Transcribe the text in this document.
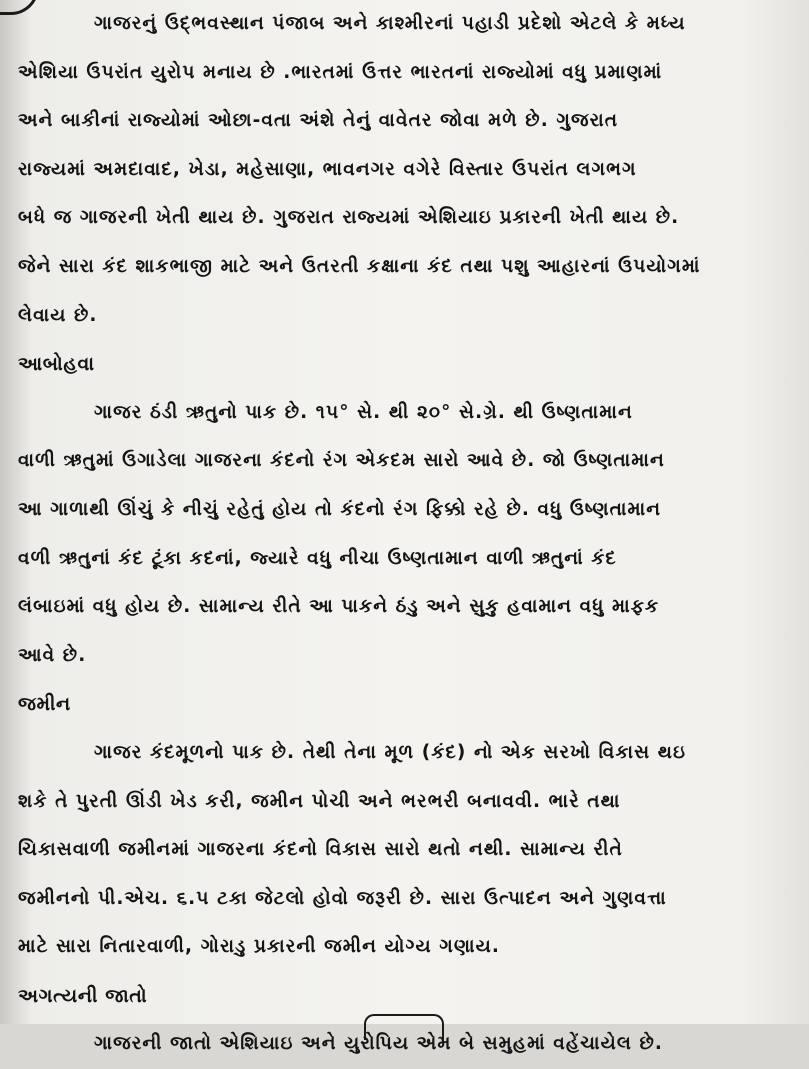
ગાજરનું ઉદ્ભવસ્થાન પંજાબ અને કાશ્મીરનાં પહાડી પ્રદેશો એટલે કે મધ્ય
એશિયા ઉપરાંત યુરોપ મનાય છે .ભારતમાં ઉત્તર ભારતનાં રાજ્યોમાં વધુ પ્રમાણમાં
અને બાકીનાં રાજ્યોમાં ઓછા-વતા અંશે તેનું વાવેતર જોવા મળે છે. ગુજરાત
રાજ્યમાં અમદાવાદ, ખેડા, મહેસાણા, ભાવનગર વગેરે વિસ્તાર ઉપરાંત લગભગ
બધે જ ગાજરની ખેતી થાય છે. ગુજરાત રાજ્યમાં એશિયાઇ પ્રકારની ખેતી થાય છે.
જેને સારા કંદ શાકભાજી માટે અને ઉતરતી કક્ષાના કંદ તથા પશુ આહારનાં ઉપયોગમાં
લેવાય છે.
આબોહવા
ગાજર ઠંડી ઋતુનો પાક છે. ૧૫° સે. થી ૨૦° સે.ગ્રે. થી ઉષ્ણતામાન
વાળી ઋતુમાં ઉગાડેલા ગાજરના કંદનો રંગ એકદમ સારો આવે છે. જો ઉષ્ણતામાન
આ ગાળાથી ઊંચું કે નીચું રહેતું હોય તો કંદનો રંગ ફિક્કો રહે છે. વધુ ઉષ્ણતામાન
વળી ઋતુનાં કંદ ટૂંકા કદનાં, જ્યારે વધુ નીચા ઉષ્ણતામાન વાળી ઋતુનાં કંદ
લંબાઇમાં વધુ હોય છે. સામાન્ય રીતે આ પાકને ઠંડુ અને સુકુ હવામાન વધુ માફક
આવે છે.
જમીન
ગાજર કંદમૂળનો પાક છે. તેથી તેના મૂળ (કંદ) નો એક સરખો વિકાસ થઇ
શકે તે પુરતી ઊંડી ખેડ કરી, જમીન પોચી અને ભરભરી બનાવવી. ભારે તથા
ચિકાસવાળી જમીનમાં ગાજરના કંદનો વિકાસ સારો થતો નથી. સામાન્ય રીતે
જમીનનો પી.એચ. ૬.૫ ટકા જેટલો હોવો જરૂરી છે. સારા ઉત્પાદન અને ગુણવત્તા
માટે સારા નિતારવાળી, ગોરાડુ પ્રકારની જમીન યોગ્ય ગણાય.
અગત્યની જાતો
ગાજરની જાતો એશિયાઇ અને યુરોપિય એમ બે સમુહમાં વહેંચાયેલ છે.
